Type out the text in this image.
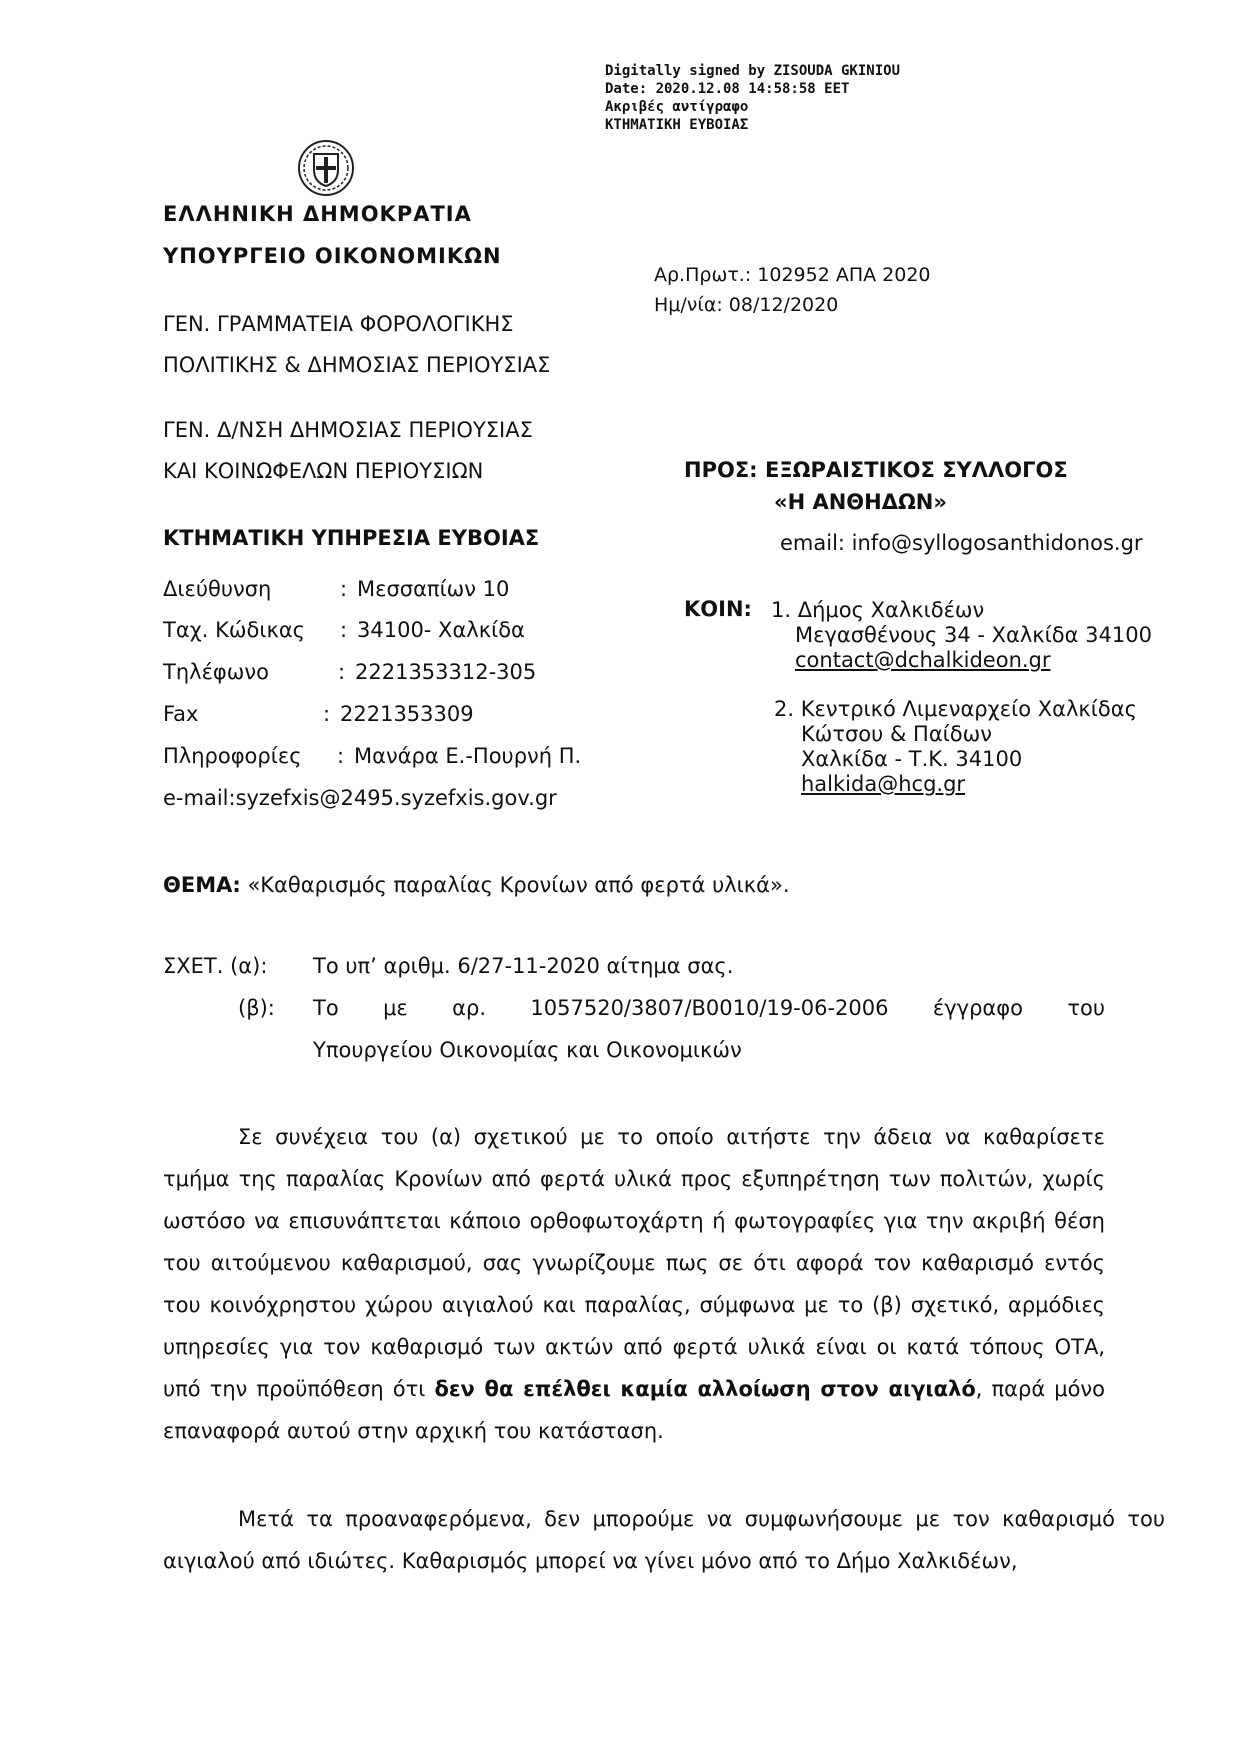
Digitally signed by ZISOUDA GKINIOU
Date: 2020.12.08 14:58:58 EET
Ακριβές αντίγραφο
ΚΤΗΜΑΤΙΚΗ ΕΥΒΟΙΑΣ
ΕΛΛΗΝΙΚΗ ΔΗΜΟΚΡΑΤΙΑ
ΥΠΟΥΡΓΕΙΟ ΟΙΚΟΝΟΜΙΚΩΝ
ΓΕΝ. ΓΡΑΜΜΑΤΕΙΑ ΦΟΡΟΛΟΓΙΚΗΣ
ΠΟΛΙΤΙΚΗΣ & ΔΗΜΟΣΙΑΣ ΠΕΡΙΟΥΣΙΑΣ
ΓΕΝ. Δ/ΝΣΗ ΔΗΜΟΣΙΑΣ ΠΕΡΙΟΥΣΙΑΣ
ΚΑΙ ΚΟΙΝΩΦΕΛΩΝ ΠΕΡΙΟΥΣΙΩΝ
ΚΤΗΜΑΤΙΚΗ ΥΠΗΡΕΣΙΑ ΕΥΒΟΙΑΣ
Διεύθυνση	: Μεσσαπίων 10
Ταχ. Κώδικας : 34100- Χαλκίδα
Τηλέφωνο	: 2221353312-305
Fax	: 2221353309
Πληροφορίες : Μανάρα Ε.-Πουρνή Π.
e-mail:syzefxis@2495.syzefxis.gov.gr
Αρ.Πρωτ.: 102952 ΑΠΑ 2020
Ημ/νία: 08/12/2020
ΠΡΟΣ: ΕΞΩΡΑΙΣΤΙΚΟΣ ΣΥΛΛΟΓΟΣ
«Η ΑΝΘΗΔΩΝ»
email: info@syllogosanthidonos.gr
ΚΟΙΝ: 1. Δήμος Χαλκιδέων
Μεγασθένους 34 - Χαλκίδα 34100
contact@dchalkideon.gr
2. Κεντρικό Λιμεναρχείο Χαλκίδας
Κώτσου & Παίδων
Χαλκίδα - Τ.Κ. 34100
halkida@hcg.gr
ΘΕΜΑ: «Καθαρισμός παραλίας Κρονίων από φερτά υλικά».
ΣΧΕΤ. (α): Το υπ’ αριθμ. 6/27-11-2020 αίτημα σας.
(β): Το με αρ. 1057520/3807/Β0010/19-06-2006 έγγραφο του
Υπουργείου Οικονομίας και Οικονομικών
Σε συνέχεια του (α) σχετικού με το οποίο αιτήστε την άδεια να καθαρίσετε τμήμα της παραλίας Κρονίων από φερτά υλικά προς εξυπηρέτηση των πολιτών, χωρίς ωστόσο να επισυνάπτεται κάποιο ορθοφωτοχάρτη ή φωτογραφίες για την ακριβή θέση του αιτούμενου καθαρισμού, σας γνωρίζουμε πως σε ότι αφορά τον καθαρισμό εντός του κοινόχρηστου χώρου αιγιαλού και παραλίας, σύμφωνα με το (β) σχετικό, αρμόδιες υπηρεσίες για τον καθαρισμό των ακτών από φερτά υλικά είναι οι κατά τόπους ΟΤΑ, υπό την προϋπόθεση ότι δεν θα επέλθει καμία αλλοίωση στον αιγιαλό, παρά μόνο επαναφορά αυτού στην αρχική του κατάσταση.
Μετά τα προαναφερόμενα, δεν μπορούμε να συμφωνήσουμε με τον καθαρισμό του αιγιαλού από ιδιώτες. Καθαρισμός μπορεί να γίνει μόνο από το Δήμο Χαλκιδέων,
